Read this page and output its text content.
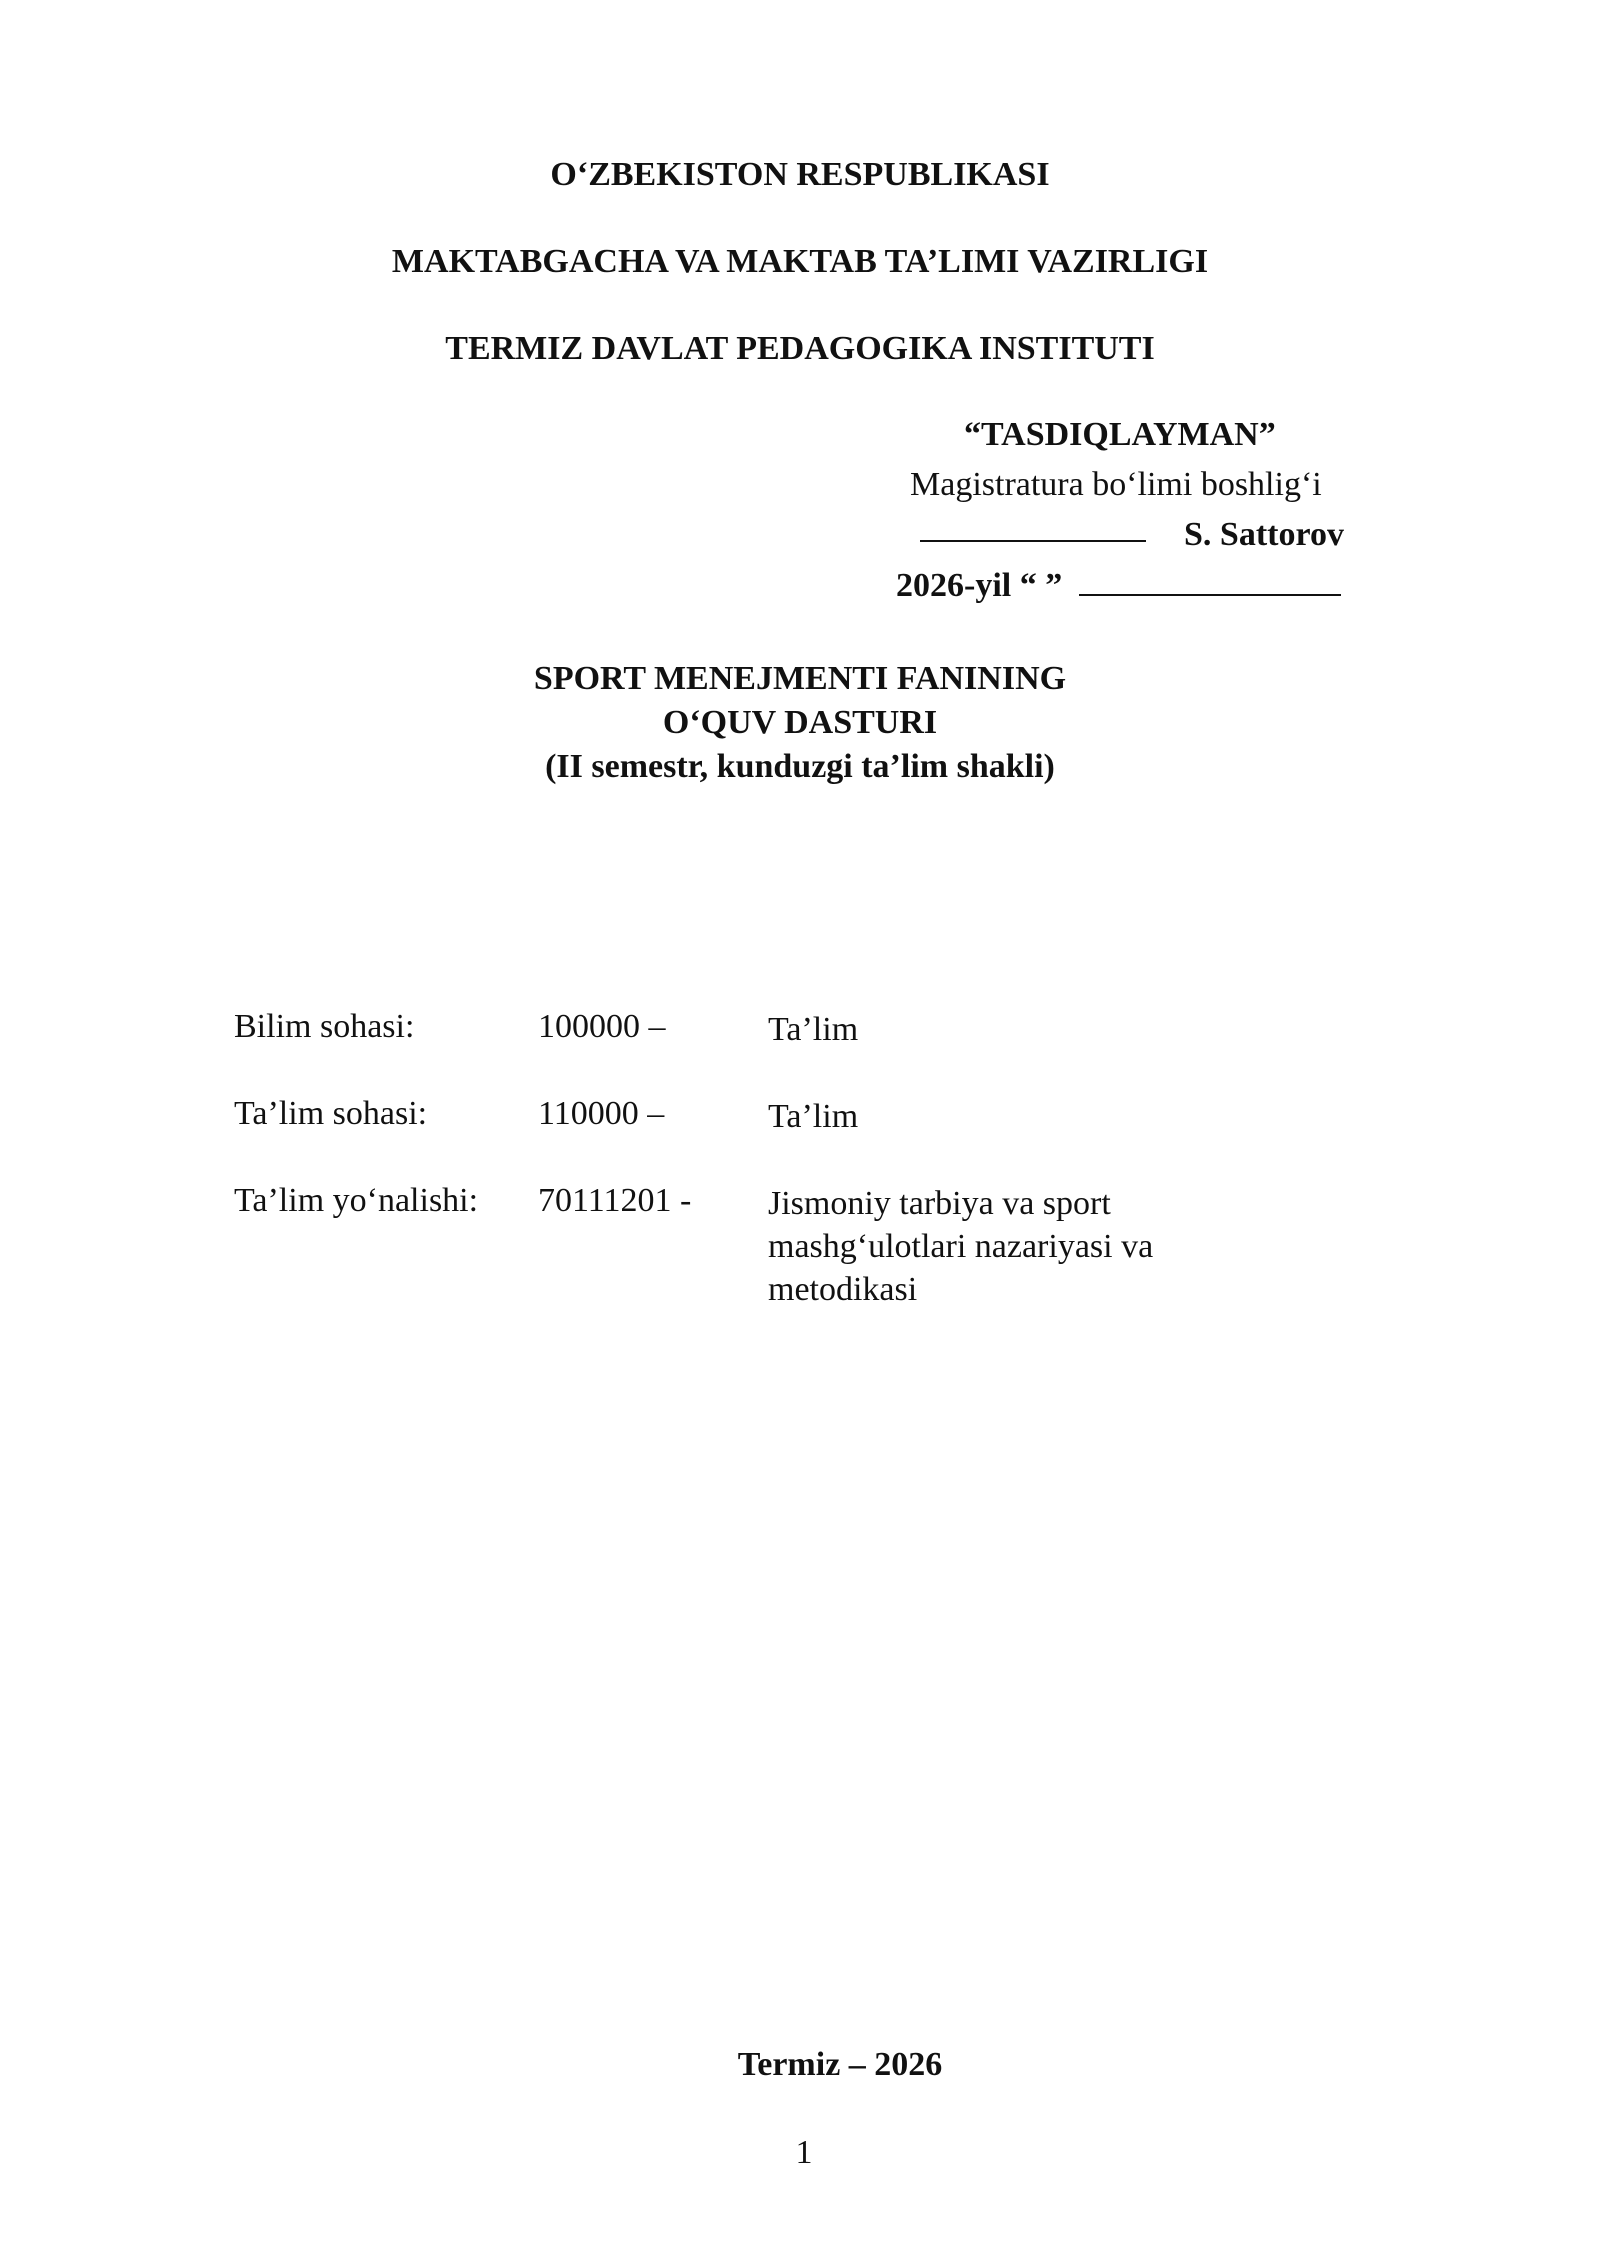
O‘ZBEKISTON RESPUBLIKASI
MAKTABGACHA VA MAKTAB TA’LIMI VAZIRLIGI
TERMIZ DAVLAT PEDAGOGIKA INSTITUTI
“TASDIQLAYMAN”
Magistratura bo‘limi boshlig‘i
S. Sattorov
2026-yil “ ”
SPORT MENEJMENTI FANINING
O‘QUV DASTURI
(II semestr, kunduzgi ta’lim shakli)
Bilim sohasi:	100000 –	Ta’lim
Ta’lim sohasi:	110000 –	Ta’lim
Ta’lim yo‘nalishi: 70111201 - Jismoniy tarbiya va sport mashg‘ulotlari nazariyasi va metodikasi
Termiz – 2026
1
